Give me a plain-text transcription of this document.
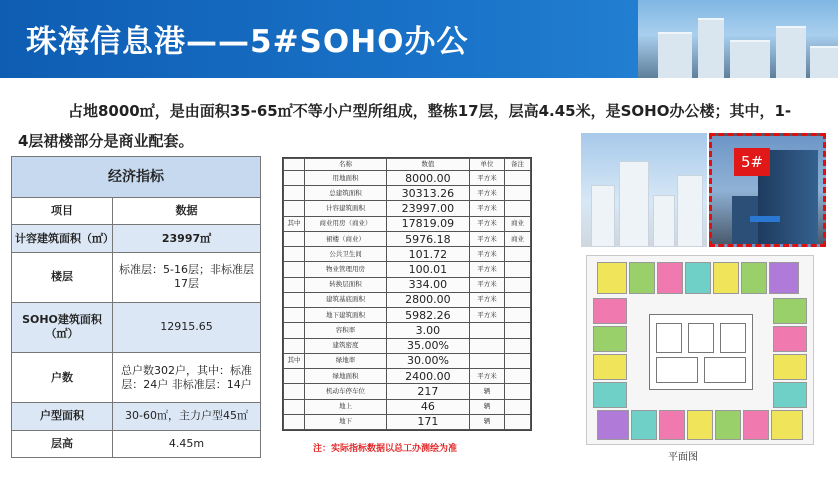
珠海信息港——5#SOHO办公
占地8000㎡，是由面积35-65㎡不等小户型所组成，整栋17层，层高4.45米，是SOHO办公楼；其中，1-
4层裙楼部分是商业配套。
经济指标	
项目	数据
计容建筑面积（㎡）	23997㎡
楼层	标准层：5-16层；非标准层17层
SOHO建筑面积（㎡）	12915.65
户数	总户数302户，其中：标准层：24户 非标准层：14户
户型面积	30-60㎡，主力户型45㎡
层高	4.45m
	名称	数值	单位	备注
	用地面积	8000.00	平方米	
	总建筑面积	30313.26	平方米	
	计容建筑面积	23997.00	平方米	
其中	商业用房（商业）	17819.09	平方米	商业
	裙楼（商业）	5976.18	平方米	商业
	公共卫生间	101.72	平方米	
	物业管理用房	100.01	平方米	
	转换层面积	334.00	平方米	
	建筑基底面积	2800.00	平方米	
	地下建筑面积	5982.26	平方米	
	容积率	3.00		
	建筑密度	35.00%		
其中	绿地率	30.00%		
	绿地面积	2400.00	平方米	
	机动车停车位	217	辆	
	地上	46	辆	
	地下	171	辆	
注：实际指标数据以总工办测绘为准
5#
平面图
